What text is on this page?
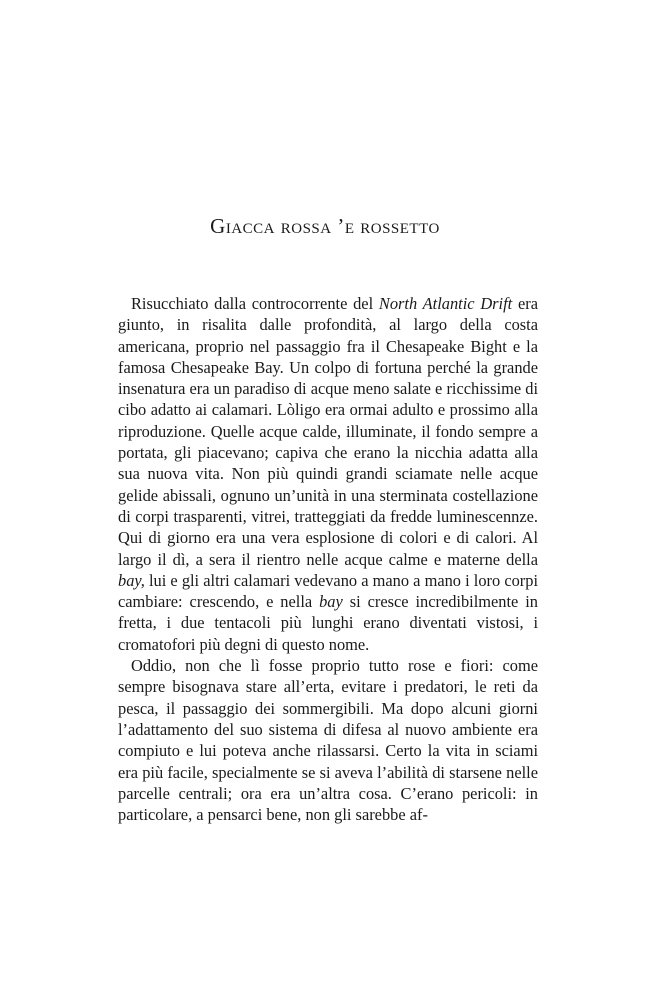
Giacca rossa ’e rossetto

Risucchiato dalla controcorrente del North Atlantic Drift era giunto, in risalita dalle profondità, al largo della costa americana, proprio nel passaggio fra il Chesapeake Bight e la famosa Chesapeake Bay. Un colpo di fortuna perché la grande insenatura era un paradiso di acque meno salate e ricchissime di cibo adatto ai calamari. Lòligo era ormai adulto e prossimo alla riproduzione. Quelle acque calde, illuminate, il fondo sempre a portata, gli piacevano; capiva che erano la nicchia adatta alla sua nuova vita. Non più quindi grandi sciamate nelle acque gelide abissali, ognuno un’unità in una sterminata costellazione di corpi trasparenti, vitrei, tratteggiati da fredde luminescennze. Qui di giorno era una vera esplosione di colori e di calori. Al largo il dì, a sera il rientro nelle acque calme e materne della bay, lui e gli altri calamari vedevano a mano a mano i loro corpi cambiare: crescendo, e nella bay si cresce incredibilmente in fretta, i due tentacoli più lunghi erano diventati vistosi, i cromatofori più degni di questo nome.

Oddio, non che lì fosse proprio tutto rose e fiori: come sempre bisognava stare all’erta, evitare i predatori, le reti da pesca, il passaggio dei sommergibili. Ma dopo alcuni giorni l’adattamento del suo sistema di difesa al nuovo ambiente era compiuto e lui poteva anche rilassarsi. Certo la vita in sciami era più facile, specialmente se si aveva l’abilità di starsene nelle parcelle centrali; ora era un’altra cosa. C’erano pericoli: in particolare, a pensarci bene, non gli sarebbe af-
